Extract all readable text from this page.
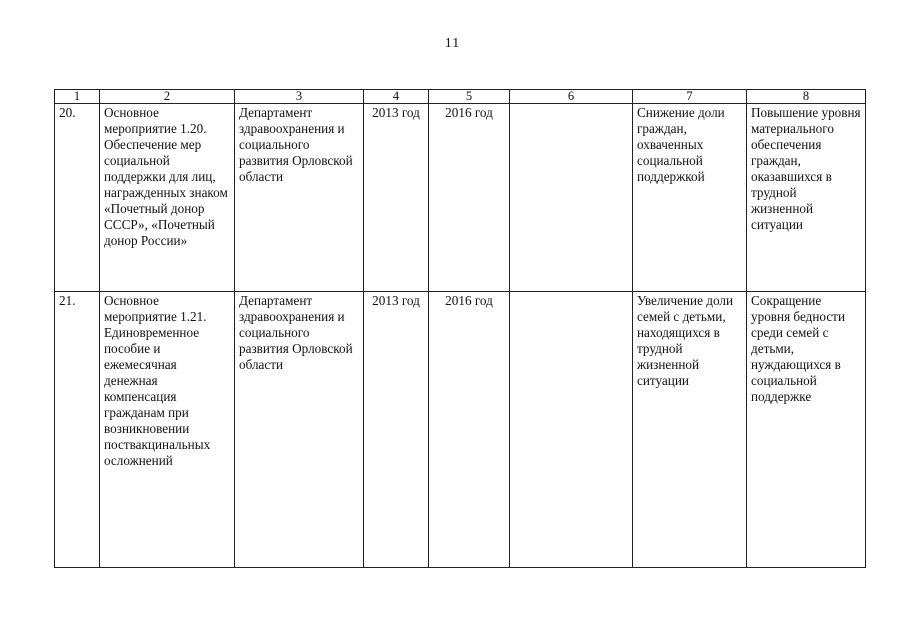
11
1	2	3	4	5	6	7	8
20.	Основное мероприятие 1.20. Обеспечение мер социальной поддержки для лиц, награжденных знаком «Почетный донор СССР», «Почетный донор России»	Департамент здравоохранения и социального развития Орловской области	2013 год	2016 год		Снижение доли граждан, охваченных социальной поддержкой	Повышение уровня материального обеспечения граждан, оказавшихся в трудной жизненной ситуации
21.	Основное мероприятие 1.21. Единовременное пособие и ежемесячная денежная компенсация гражданам при возникновении поствакцинальных осложнений	Департамент здравоохранения и социального развития Орловской области	2013 год	2016 год		Увеличение доли семей с детьми, находящихся в трудной жизненной ситуации	Сокращение уровня бедности среди семей с детьми, нуждающихся в социальной поддержке
